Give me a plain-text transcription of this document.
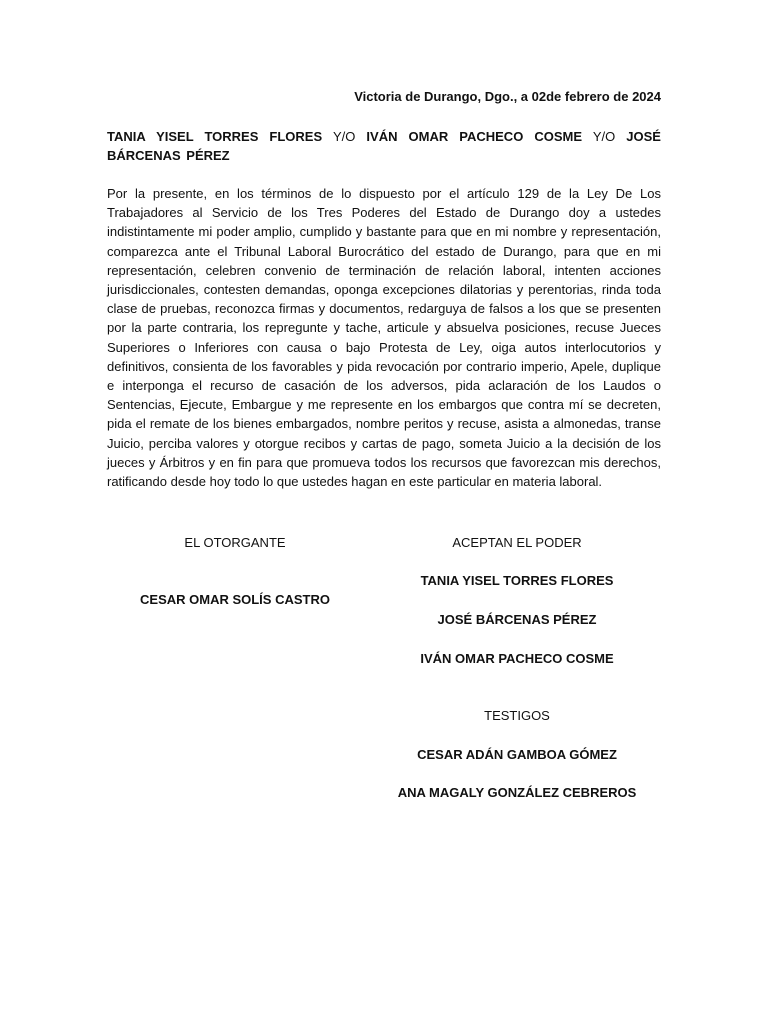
Victoria de Durango, Dgo., a 02de febrero de 2024
TANIA YISEL TORRES FLORES Y/O IVÁN OMAR PACHECO COSME Y/O JOSÉ BÁRCENAS PÉREZ
Por la presente, en los términos de lo dispuesto por el artículo 129 de la Ley De Los Trabajadores al Servicio de los Tres Poderes del Estado de Durango doy a ustedes indistintamente mi poder amplio, cumplido y bastante para que en mi nombre y representación, comparezca ante el Tribunal Laboral Burocrático del estado de Durango, para que en mi representación, celebren convenio de terminación de relación laboral, intenten acciones jurisdiccionales, contesten demandas, oponga excepciones dilatorias y perentorias, rinda toda clase de pruebas, reconozca firmas y documentos, redarguya de falsos a los que se presenten por la parte contraria, los repregunte y tache, articule y absuelva posiciones, recuse Jueces Superiores o Inferiores con causa o bajo Protesta de Ley, oiga autos interlocutorios y definitivos, consienta de los favorables y pida revocación por contrario imperio, Apele, duplique e interponga el recurso de casación de los adversos, pida aclaración de los Laudos o Sentencias, Ejecute, Embargue y me represente en los embargos que contra mí se decreten, pida el remate de los bienes embargados, nombre peritos y recuse, asista a almonedas, transe Juicio, perciba valores y otorgue recibos y cartas de pago, someta Juicio a la decisión de los jueces y Árbitros y en fin para que promueva todos los recursos que favorezcan mis derechos, ratificando desde hoy todo lo que ustedes hagan en este particular en materia laboral.
EL OTORGANTE
CESAR OMAR SOLÍS CASTRO
ACEPTAN EL PODER
TANIA YISEL TORRES FLORES
JOSÉ BÁRCENAS PÉREZ
IVÁN OMAR PACHECO COSME
TESTIGOS
CESAR ADÁN GAMBOA GÓMEZ
ANA MAGALY GONZÁLEZ CEBREROS
